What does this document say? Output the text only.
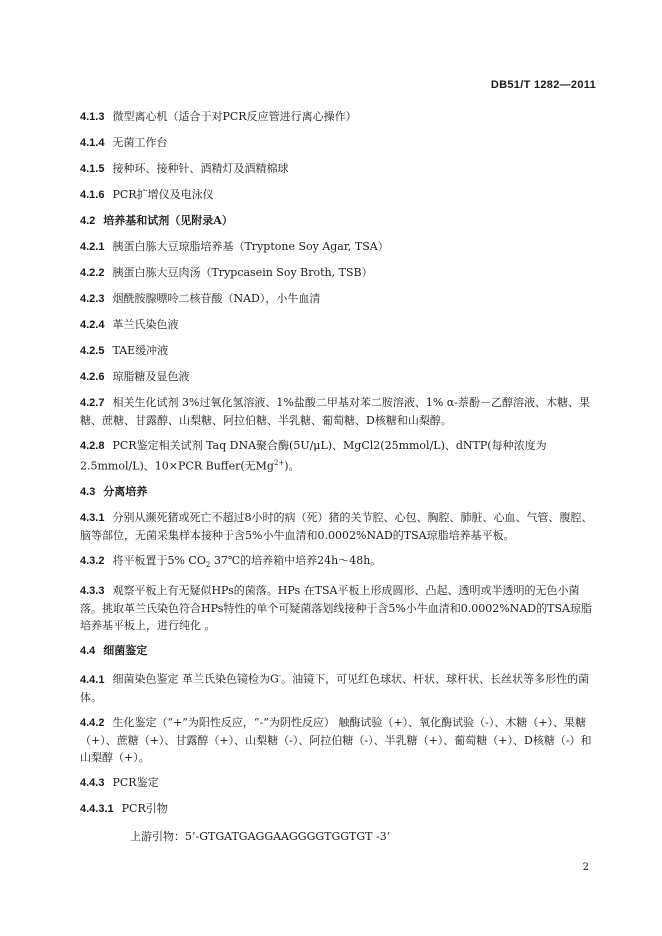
DB51/T 1282—2011

4.1.3 微型离心机（适合于对PCR反应管进行离心操作）

4.1.4 无菌工作台

4.1.5 接种环、接种针、酒精灯及酒精棉球

4.1.6 PCR扩增仪及电泳仪

4.2 培养基和试剂（见附录A）

4.2.1 胰蛋白胨大豆琼脂培养基（Tryptone Soy Agar, TSA）

4.2.2 胰蛋白胨大豆肉汤（Trypcasein Soy Broth, TSB）

4.2.3 烟酰胺腺嘌呤二核苷酸（NAD），小牛血清

4.2.4 革兰氏染色液

4.2.5 TAE缓冲液

4.2.6 琼脂糖及显色液

4.2.7 相关生化试剂 3%过氧化氢溶液、1%盐酸二甲基对苯二胺溶液、1% α-萘酚－乙醇溶液、木糖、果糖、蔗糖、甘露醇、山梨糖、阿拉伯糖、半乳糖、葡萄糖、D核糖和山梨醇。

4.2.8 PCR鉴定相关试剂 Taq DNA聚合酶(5U/μL)、MgCl2(25mmol/L)、dNTP(每种浓度为2.5mmol/L)、10×PCR Buffer(无$Mg^{2+}$)。

4.3 分离培养

4.3.1 分别从濒死猪或死亡不超过8小时的病（死）猪的关节腔、心包、胸腔、肺脏、心血、气管、腹腔、脑等部位，无菌采集样本接种于含5%小牛血清和0.0002%NAD的TSA琼脂培养基平板。

4.3.2 将平板置于5% $CO_2$ 37℃的培养箱中培养24h～48h。

4.3.3 观察平板上有无疑似HPs的菌落。HPs 在TSA平板上形成圆形、凸起、透明或半透明的无色小菌落。挑取革兰氏染色符合HPs特性的单个可疑菌落划线接种于含5%小牛血清和0.0002%NAD的TSA琼脂培养基平板上，进行纯化 。

4.4 细菌鉴定

4.4.1 细菌染色鉴定 革兰氏染色镜检为G-。油镜下，可见红色球状、杆状、球杆状、长丝状等多形性的菌体。

4.4.2 生化鉴定（“+”为阳性反应，“-”为阴性反应） 触酶试验（+）、氧化酶试验（-）、木糖（+）、果糖（+）、蔗糖（+）、甘露醇（+）、山梨糖（-）、阿拉伯糖（-）、半乳糖（+）、葡萄糖（+）、D核糖（-）和山梨醇（+）。

4.4.3 PCR鉴定

4.4.3.1 PCR引物

上游引物：5’-GTGATGAGGAAGGGGTGGTGT -3’
2
